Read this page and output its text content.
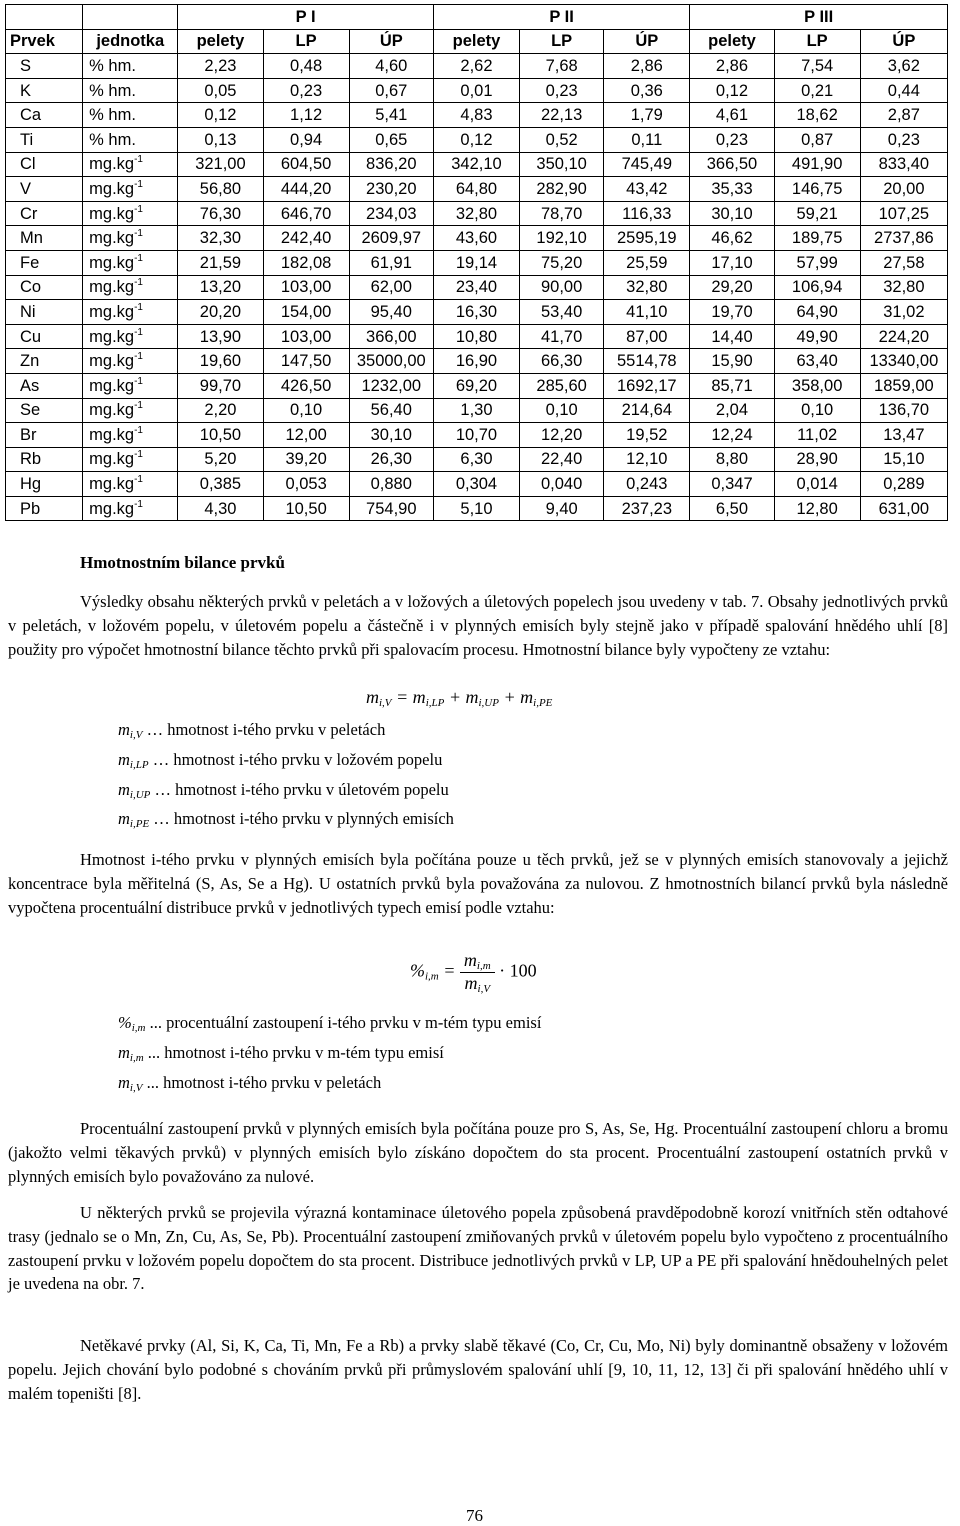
		P I			P II			P III		
Prvek	jednotka	pelety	LP	ÚP	pelety	LP	ÚP	pelety	LP	ÚP
S	% hm.	2,23	0,48	4,60	2,62	7,68	2,86	2,86	7,54	3,62
K	% hm.	0,05	0,23	0,67	0,01	0,23	0,36	0,12	0,21	0,44
Ca	% hm.	0,12	1,12	5,41	4,83	22,13	1,79	4,61	18,62	2,87
Ti	% hm.	0,13	0,94	0,65	0,12	0,52	0,11	0,23	0,87	0,23
Cl	$mg.kg^{-1}$	321,00	604,50	836,20	342,10	350,10	745,49	366,50	491,90	833,40
V	$mg.kg^{-1}$	56,80	444,20	230,20	64,80	282,90	43,42	35,33	146,75	20,00
Cr	$mg.kg^{-1}$	76,30	646,70	234,03	32,80	78,70	116,33	30,10	59,21	107,25
Mn	$mg.kg^{-1}$	32,30	242,40	2609,97	43,60	192,10	2595,19	46,62	189,75	2737,86
Fe	$mg.kg^{-1}$	21,59	182,08	61,91	19,14	75,20	25,59	17,10	57,99	27,58
Co	$mg.kg^{-1}$	13,20	103,00	62,00	23,40	90,00	32,80	29,20	106,94	32,80
Ni	$mg.kg^{-1}$	20,20	154,00	95,40	16,30	53,40	41,10	19,70	64,90	31,02
Cu	$mg.kg^{-1}$	13,90	103,00	366,00	10,80	41,70	87,00	14,40	49,90	224,20
Zn	$mg.kg^{-1}$	19,60	147,50	35000,00	16,90	66,30	5514,78	15,90	63,40	13340,00
As	$mg.kg^{-1}$	99,70	426,50	1232,00	69,20	285,60	1692,17	85,71	358,00	1859,00
Se	$mg.kg^{-1}$	2,20	0,10	56,40	1,30	0,10	214,64	2,04	0,10	136,70
Br	$mg.kg^{-1}$	10,50	12,00	30,10	10,70	12,20	19,52	12,24	11,02	13,47
Rb	$mg.kg^{-1}$	5,20	39,20	26,30	6,30	22,40	12,10	8,80	28,90	15,10
Hg	$mg.kg^{-1}$	0,385	0,053	0,880	0,304	0,040	0,243	0,347	0,014	0,289
Pb	$mg.kg^{-1}$	4,30	10,50	754,90	5,10	9,40	237,23	6,50	12,80	631,00
Hmotnostním bilance prvků
Výsledky obsahu některých prvků v peletách a v ložových a úletových popelech jsou uvedeny v tab. 7. Obsahy jednotlivých prvků v peletách, v ložovém popelu, v úletovém popelu a částečně i v plynných emisích byly stejně jako v případě spalování hnědého uhlí [8] použity pro výpočet hmotnostní bilance těchto prvků při spalovacím procesu. Hmotnostní bilance byly vypočteny ze vztahu:
$m_{i,V} = m_{i,LP} + m_{i,UP} + m_{i,PE}$
$m_{i,V}$ … hmotnost i-tého prvku v peletách
$m_{i,LP}$ … hmotnost i-tého prvku v ložovém popelu
$m_{i,UP}$ … hmotnost i-tého prvku v úletovém popelu
$m_{i,PE}$ … hmotnost i-tého prvku v plynných emisích
Hmotnost i-tého prvku v plynných emisích byla počítána pouze u těch prvků, jež se v plynných emisích stanovovaly a jejichž koncentrace byla měřitelná (S, As, Se a Hg). U ostatních prvků byla považována za nulovou. Z hmotnostních bilancí prvků byla následně vypočtena procentuální distribuce prvků v jednotlivých typech emisí podle vztahu:
$\%_{i,m} = \frac{m_{i,m}}{m_{i,V}} \cdot 100$
$\%_{i,m}$ ... procentuální zastoupení i-tého prvku v m-tém typu emisí
$m_{i,m}$ ... hmotnost i-tého prvku v m-tém typu emisí
$m_{i,V}$ ... hmotnost i-tého prvku v peletách
Procentuální zastoupení prvků v plynných emisích byla počítána pouze pro S, As, Se, Hg. Procentuální zastoupení chloru a bromu (jakožto velmi těkavých prvků) v plynných emisích bylo získáno dopočtem do sta procent. Procentuální zastoupení ostatních prvků v plynných emisích bylo považováno za nulové.
U některých prvků se projevila výrazná kontaminace úletového popela způsobená pravděpodobně korozí vnitřních stěn odtahové trasy (jednalo se o Mn, Zn, Cu, As, Se, Pb). Procentuální zastoupení zmiňovaných prvků v úletovém popelu bylo vypočteno z procentuálního zastoupení prvku v ložovém popelu dopočtem do sta procent. Distribuce jednotlivých prvků v LP, UP a PE při spalování hnědouhelných pelet je uvedena na obr. 7.
Netěkavé prvky (Al, Si, K, Ca, Ti, Mn, Fe a Rb) a prvky slabě těkavé (Co, Cr, Cu, Mo, Ni) byly dominantně obsaženy v ložovém popelu. Jejich chování bylo podobné s chováním prvků při průmyslovém spalování uhlí [9, 10, 11, 12, 13] či při spalování hnědého uhlí v malém topeništi [8].
76
